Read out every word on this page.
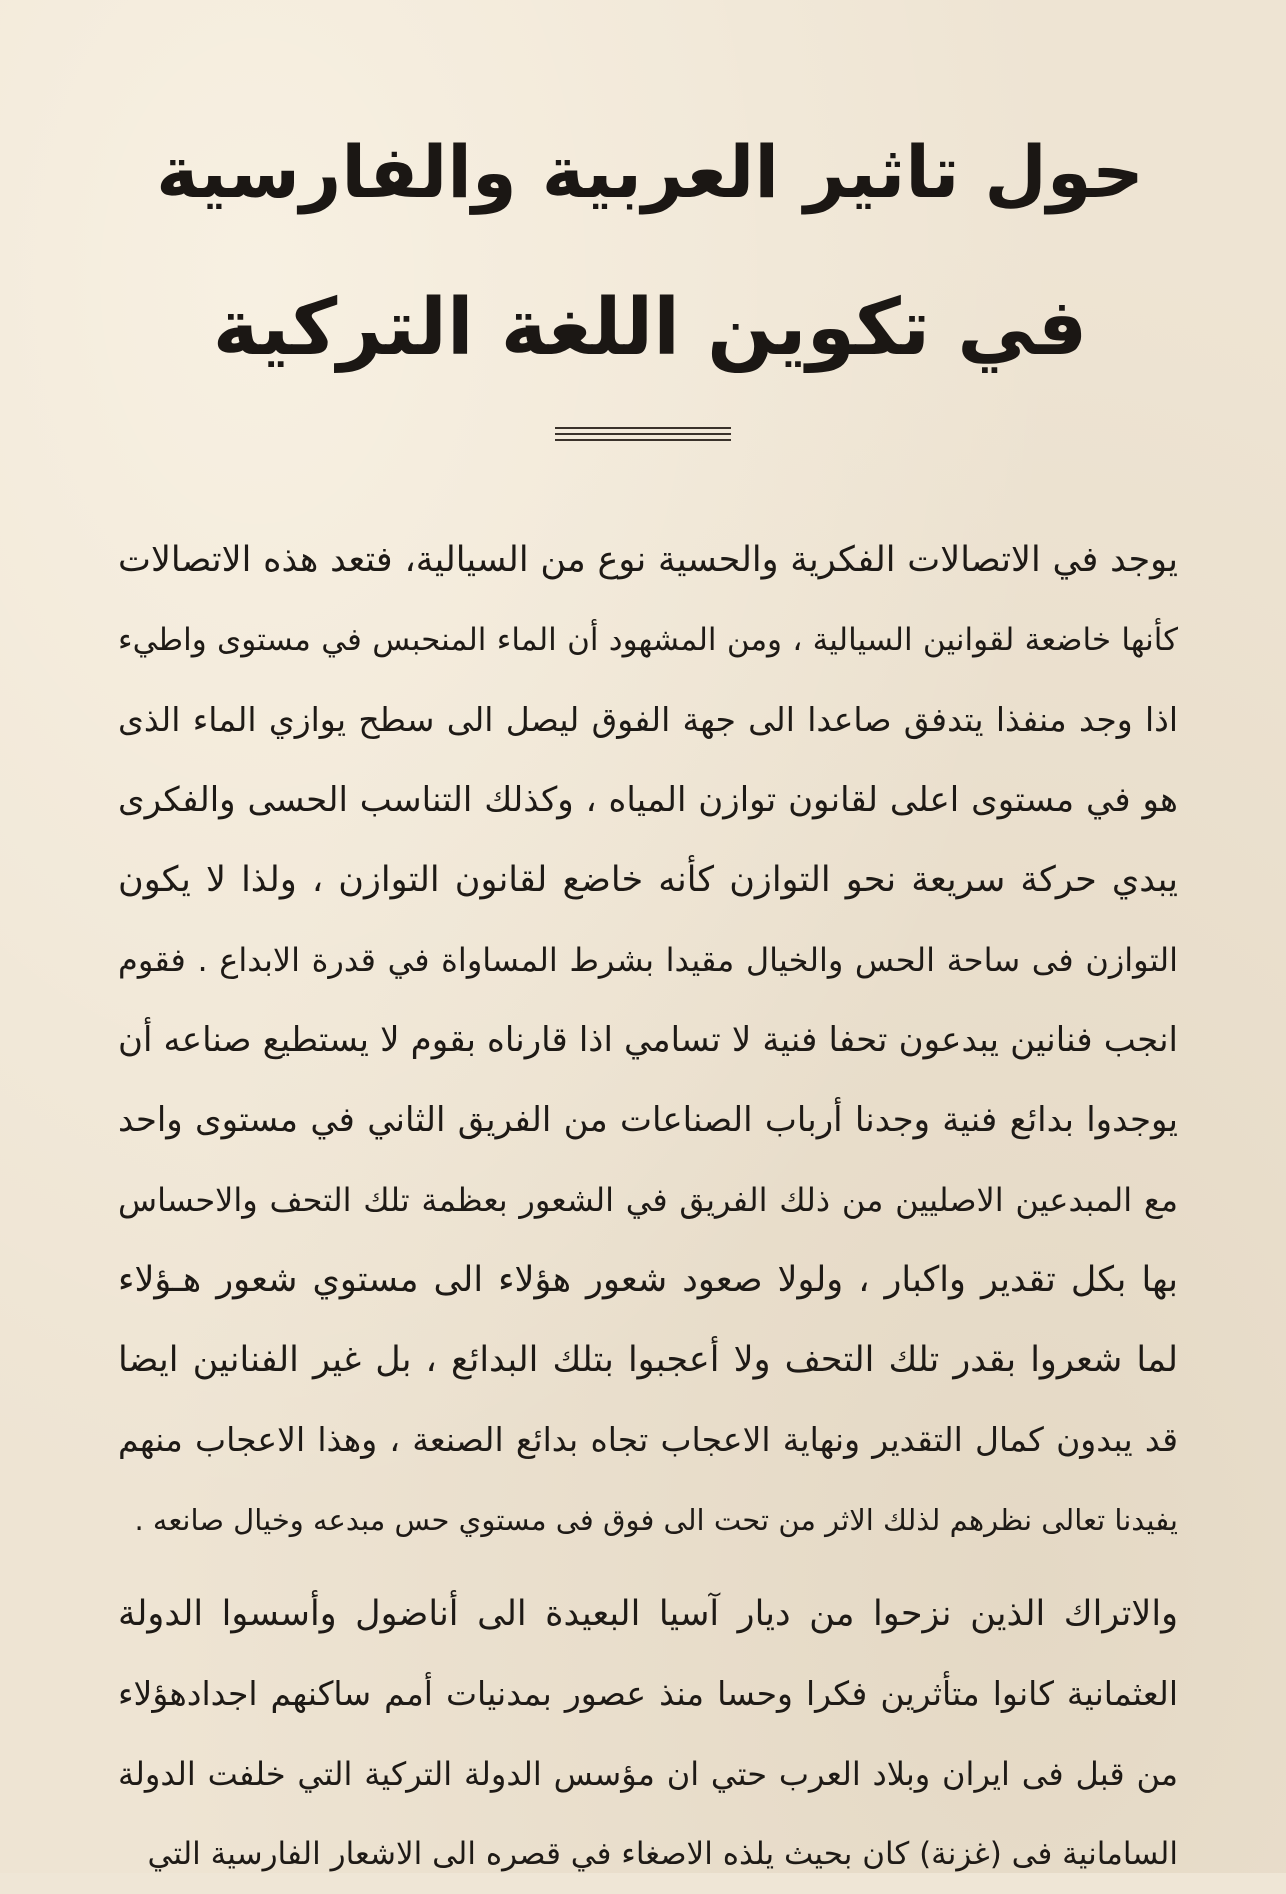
حول تاثير العربية والفارسية
في تكوين اللغة التركية
يوجد في الاتصالات الفكرية والحسية نوع من السيالية، فتعد هذه الاتصالات
كأنها خاضعة لقوانين السيالية ، ومن المشهود أن الماء المنحبس في مستوى واطيء
اذا وجد منفذا يتدفق صاعدا الى جهة الفوق ليصل الى سطح يوازي الماء الذى
هو في مستوى اعلى لقانون توازن المياه ، وكذلك التناسب الحسى والفكرى
يبدي حركة سريعة نحو التوازن كأنه خاضع لقانون التوازن ، ولذا لا يكون
التوازن فى ساحة الحس والخيال مقيدا بشرط المساواة في قدرة الابداع . فقوم
انجب فنانين يبدعون تحفا فنية لا تسامي اذا قارناه بقوم لا يستطيع صناعه أن
يوجدوا بدائع فنية وجدنا أرباب الصناعات من الفريق الثاني في مستوى واحد
مع المبدعين الاصليين من ذلك الفريق في الشعور بعظمة تلك التحف والاحساس
بها بكل تقدير واكبار ، ولولا صعود شعور هؤلاء الى مستوي شعور هـؤلاء
لما شعروا بقدر تلك التحف ولا أعجبوا بتلك البدائع ، بل غير الفنانين ايضا
قد يبدون كمال التقدير ونهاية الاعجاب تجاه بدائع الصنعة ، وهذا الاعجاب منهم
يفيدنا تعالى نظرهم لذلك الاثر من تحت الى فوق فى مستوي حس مبدعه وخيال صانعه .
والاتراك الذين نزحوا من ديار آسيا البعيدة الى أناضول وأسسوا الدولة
العثمانية كانوا متأثرين فكرا وحسا منذ عصور بمدنيات أمم ساكنهم اجدادهؤلاء
من قبل فى ايران وبلاد العرب حتي ان مؤسس الدولة التركية التي خلفت الدولة
السامانية فى (غزنة) كان بحيث يلذه الاصغاء في قصره الى الاشعار الفارسية التي
